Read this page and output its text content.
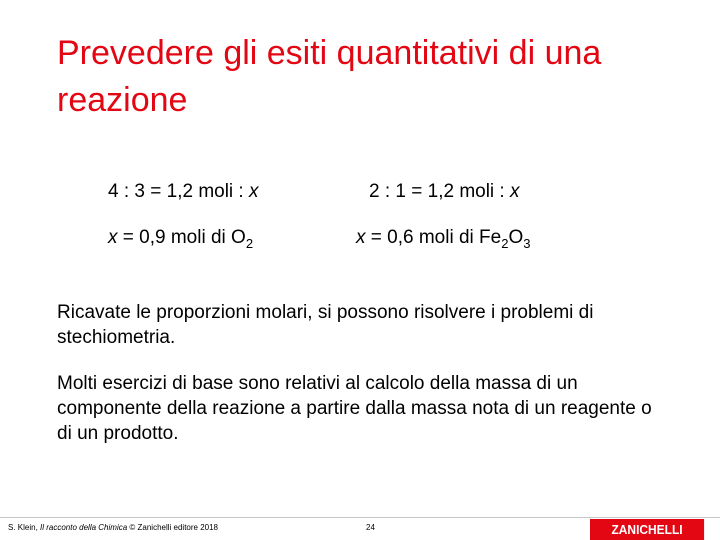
Prevedere gli esiti quantitativi di una reazione
4 : 3 = 1,2 moli : x	2 : 1 = 1,2 moli : x
x = 0,9 moli di $O_2$	x = 0,6 moli di $Fe_2O_3$

Ricavate le proporzioni molari, si possono risolvere i problemi di stechiometria.

Molti esercizi di base sono relativi al calcolo della massa di un componente della reazione a partire dalla massa nota di un reagente o di un prodotto.

S. Klein, Il racconto della Chimica © Zanichelli editore 2018	24	ZANICHELLI
